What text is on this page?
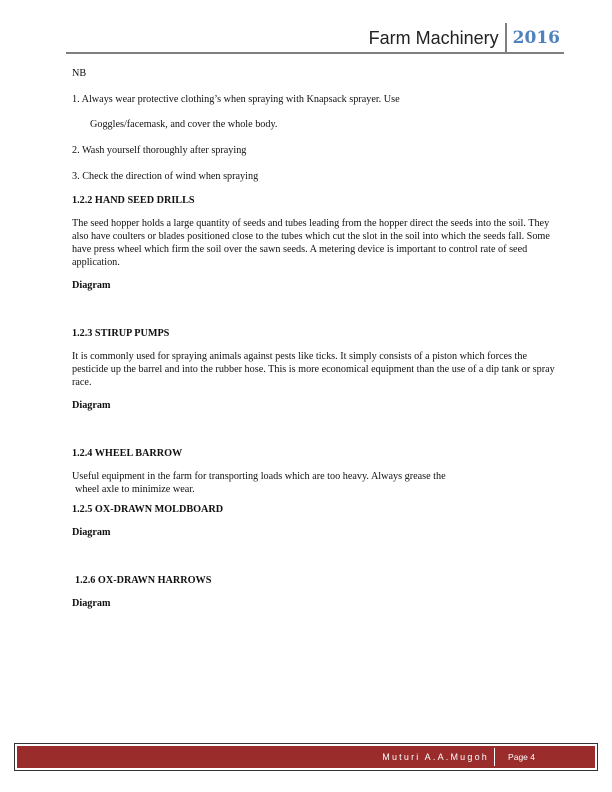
Farm Machinery 2016

NB

1. Always wear protective clothing’s when spraying with Knapsack sprayer. Use

Goggles/facemask, and cover the whole body.

2. Wash yourself thoroughly after spraying

3. Check the direction of wind when spraying

1.2.2 HAND SEED DRILLS

The seed hopper holds a large quantity of seeds and tubes leading from the hopper direct the seeds into the soil. They also have coulters or blades positioned close to the tubes which cut the slot in the soil into which the seeds fall. Some have press wheel which firm the soil over the sawn seeds. A metering device is important to control rate of seed application.

Diagram

1.2.3 STIRUP PUMPS

It is commonly used for spraying animals against pests like ticks. It simply consists of a piston which forces the pesticide up the barrel and into the rubber hose. This is more economical equipment than the use of a dip tank or spray race.

Diagram

1.2.4 WHEEL BARROW

Useful equipment in the farm for transporting loads which are too heavy. Always grease the

wheel axle to minimize wear.

1.2.5 OX-DRAWN MOLDBOARD

Diagram

1.2.6 OX-DRAWN HARROWS

Diagram

Muturi A.A.Mugoh Page 4
